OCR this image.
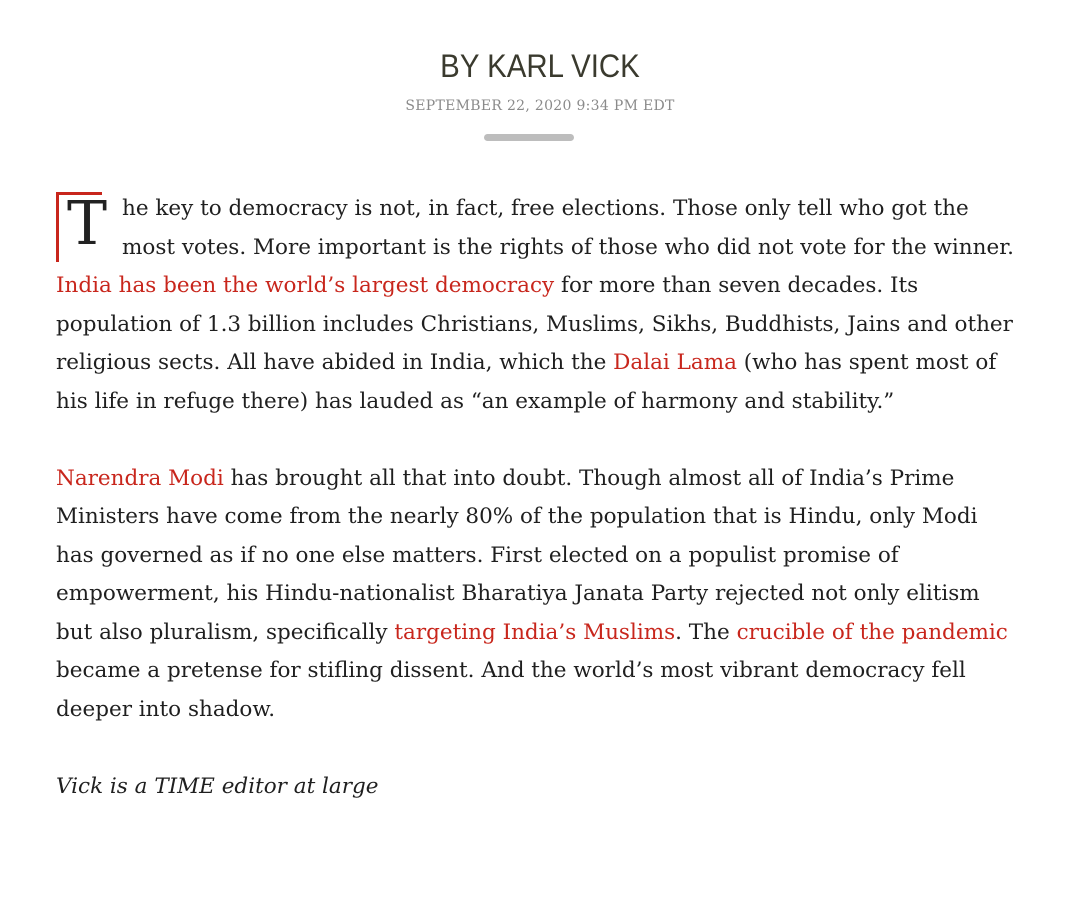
BY KARL VICK
SEPTEMBER 22, 2020 9:34 PM EDT

T he key to democracy is not, in fact, free elections. Those only tell who got the most votes. More important is the rights of those who did not vote for the winner. India has been the world’s largest democracy for more than seven decades. Its population of 1.3 billion includes Christians, Muslims, Sikhs, Buddhists, Jains and other religious sects. All have abided in India, which the Dalai Lama (who has spent most of his life in refuge there) has lauded as “an example of harmony and stability.”

Narendra Modi has brought all that into doubt. Though almost all of India’s Prime Ministers have come from the nearly 80% of the population that is Hindu, only Modi has governed as if no one else matters. First elected on a populist promise of empowerment, his Hindu-nationalist Bharatiya Janata Party rejected not only elitism but also pluralism, specifically targeting India’s Muslims. The crucible of the pandemic became a pretense for stifling dissent. And the world’s most vibrant democracy fell deeper into shadow.

Vick is a TIME editor at large
